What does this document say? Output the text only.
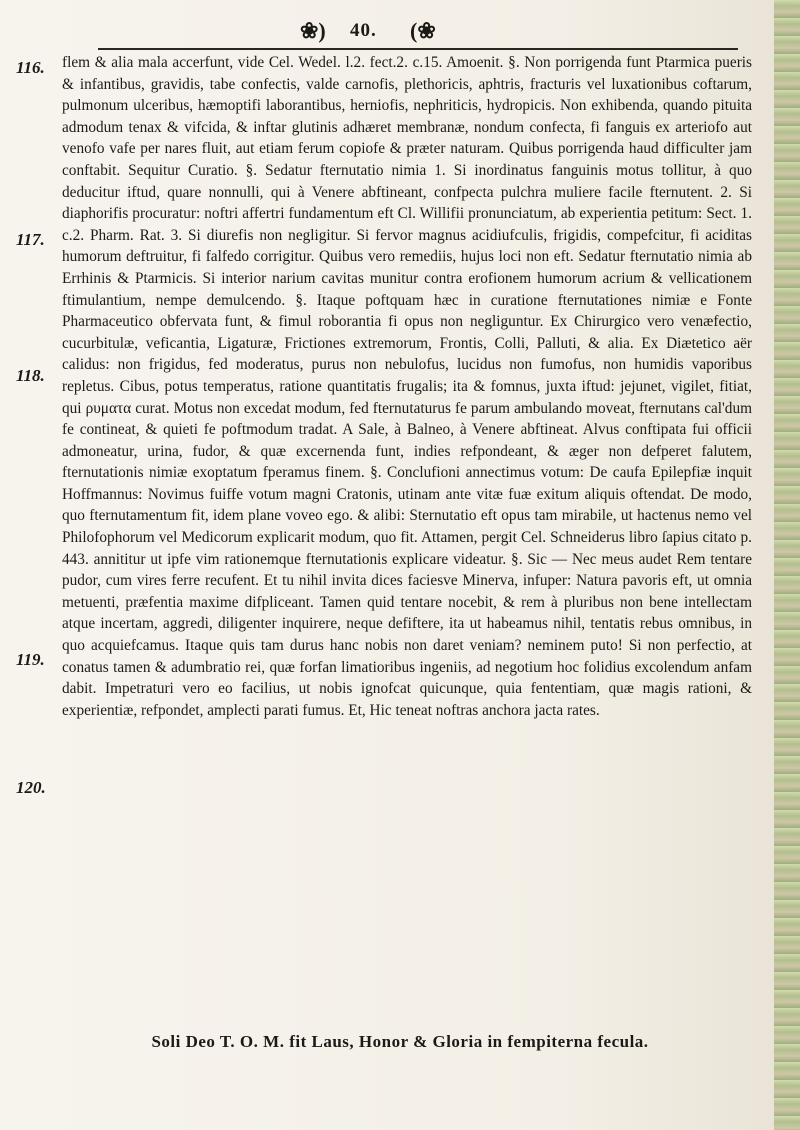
❀) 40. (❀
116.
117.
118.
119.
120.

flem & alia mala accerfunt, vide Cel. Wedel. l.2. fect.2. c.15. Amoenit. §. Non porrigenda funt Ptarmica pueris & infantibus, gravidis, tabe confectis, valde carnofis, plethoricis, aphtris, fracturis vel luxationibus coftarum, pulmonum ulceribus, hæmoptifi laborantibus, herniofis, nephriticis, hydropicis. Non exhibenda, quando pituita admodum tenax & vifcida, & inftar glutinis adhæret membranæ, nondum confecta, fi fanguis ex arteriofo aut venofo vafe per nares fluit, aut etiam ferum copiofe & præter naturam. Quibus porrigenda haud difficulter jam conftabit. Sequitur Curatio. §. Sedatur fternutatio nimia 1. Si inordinatus fanguinis motus tollitur, à quo deducitur iftud, quare nonnulli, qui à Venere abftineant, confpecta pulchra muliere facile fternutent. 2. Si diaphorifis procuratur: noftri affertri fundamentum eft Cl. Willifii pronunciatum, ab experientia petitum: Sect. 1. c.2. Pharm. Rat. 3. Si diurefis non negligitur. Si fervor magnus acidiufculis, frigidis, compefcitur, fi aciditas humorum deftruitur, fi falfedo corrigitur. Quibus vero remediis, hujus loci non eft. Sedatur fternutatio nimia ab Errhinis & Ptarmicis. Si interior narium cavitas munitur contra erofionem humorum acrium & vellicationem ftimulantium, nempe demulcendo. §. Itaque poftquam hæc in curatione fternutationes nimiæ e Fonte Pharmaceutico obfervata funt, & fimul roborantia fi opus non negliguntur. Ex Chirurgico vero venæfectio, cucurbitulæ, veficantia, Ligaturæ, Frictiones extremorum, Frontis, Colli, Palluti, & alia. Ex Diætetico aër calidus: non frigidus, fed moderatus, purus non nebulofus, lucidus non fumofus, non humidis vaporibus repletus. Cibus, potus temperatus, ratione quantitatis frugalis; ita & fomnus, juxta iftud: jejunet, vigilet, fitiat, qui ρυματα curat. Motus non excedat modum, fed fternutaturus fe parum ambulando moveat, fternutans cal'dum fe contineat, & quieti fe poftmodum tradat. A Sale, à Balneo, à Venere abftineat. Alvus conftipata fui officii admoneatur, urina, fudor, & quæ excernenda funt, indies refpondeant, & æger non defperet falutem, fternutationis nimiæ exoptatum fperamus finem. §. Conclufioni annectimus votum: De caufa Epilepfiæ inquit Hoffmannus: Novimus fuiffe votum magni Cratonis, utinam ante vitæ fuæ exitum aliquis oftendat. De modo, quo fternutamentum fit, idem plane voveo ego. & alibi: Sternutatio eft opus tam mirabile, ut hactenus nemo vel Philofophorum vel Medicorum explicarit modum, quo fit. Attamen, pergit Cel. Schneiderus libro ſapius citato p. 443. annititur ut ipfe vim rationemque fternutationis explicare videatur. §. Sic — Nec meus audet Rem tentare pudor, cum vires ferre recufent. Et tu nihil invita dices faciesve Minerva, infuper: Natura pavoris eft, ut omnia metuenti, præfentia maxime difpliceant. Tamen quid tentare nocebit, & rem à pluribus non bene intellectam atque incertam, aggredi, diligenter inquirere, neque defiftere, ita ut habeamus nihil, tentatis rebus omnibus, in quo acquiefcamus. Itaque quis tam durus hanc nobis non daret veniam? neminem puto! Si non perfectio, at conatus tamen & adumbratio rei, quæ forfan limatioribus ingeniis, ad negotium hoc folidius excolendum anfam dabit. Impetraturi vero eo facilius, ut nobis ignofcat quicunque, quia fententiam, quæ magis rationi, & experientiæ, refpondet, amplecti parati fumus. Et, Hic teneat noftras anchora jacta rates.

Soli Deo T. O. M. fit Laus, Honor & Gloria in fempiterna fecula.
